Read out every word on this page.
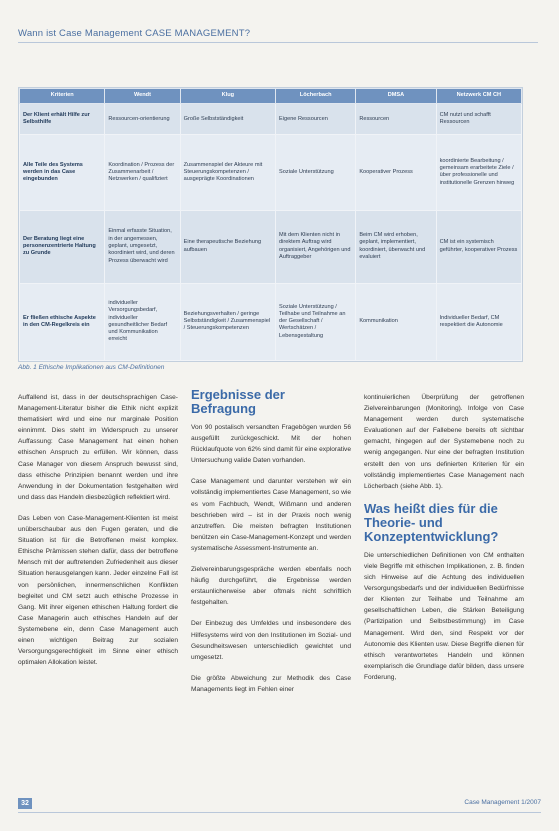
Wann ist Case Management CASE MANAGEMENT?
Kriterien	Wendt	Klug	Löcherbach	DMSA	Netzwerk CM CH
Der Klient erhält Hilfe zur Selbsthilfe	Ressourcen-orientierung	Große Selbstständigkeit	Eigene Ressourcen	Ressourcen	CM nutzt und schafft Ressourcen
Alle Teile des Systems werden in das Case eingebunden	Koordination / Prozess der Zusammenarbeit / Netzwerken / qualifiziert	Zusammenspiel der Akteure mit Steuerungskompetenzen / ausgeprägte Koordinationen	Soziale Unterstützung	Kooperativer Prozess	koordinierte Bearbeitung / gemeinsam erarbeitete Ziele / über professionelle und institutionelle Grenzen hinweg
Der Beratung liegt eine personenzentrierte Haltung zu Grunde	Einmal erfasste Situation, in der angemessen, geplant, umgesetzt, koordiniert wird, und deren Prozess überwacht wird	Eine therapeutische Beziehung aufbauen	Mit dem Klienten nicht in direktem Auftrag wird organisiert, Angehörigen und Auftraggeber	Beim CM wird erhoben, geplant, implementiert, koordiniert, überwacht und evaluiert	CM ist ein systemisch geführter, kooperativer Prozess
Er fließen ethische Aspekte in den CM-Regelkreis ein	individueller Versorgungsbedarf, individueller gesundheitlicher Bedarf und Kommunikation erreicht	Beziehungsverhalten / geringe Selbstständigkeit / Zusammenspiel / Steuerungskompetenzen	Soziale Unterstützung / Teilhabe und Teilnahme an der Gesellschaft / Wertschätzen / Lebensgestaltung	Kommunikation	Individueller Bedarf, CM respektiert die Autonomie
Abb. 1 Ethische Implikationen aus CM-Definitionen

Auffallend ist, dass in der deutschsprachigen Case-Management-Literatur bisher die Ethik nicht explizit thematisiert wird und eine nur marginale Position einnimmt. Dies steht im Widerspruch zu unserer Auffassung: Case Management hat einen hohen ethischen Anspruch zu erfüllen. Wir können, dass Case Manager von diesem Anspruch bewusst sind, dass ethische Prinzipien benannt werden und ihre Anwendung in der Dokumentation festgehalten wird und dass das Handeln diesbezüglich reflektiert wird.

Das Leben von Case-Management-Klienten ist meist unüberschaubar aus den Fugen geraten, und die Situation ist für die Betroffenen meist komplex. Ethische Prämissen stehen dafür, dass der betroffene Mensch mit der auftretenden Zufriedenheit aus dieser Situation herausgelangen kann. Jeder einzelne Fall ist von persönlichen, innermenschlichen Konflikten begleitet und CM setzt auch ethische Prozesse in Gang. Mit ihrer eigenen ethischen Haltung fordert die Case Managerin auch ethisches Handeln auf der Systemebene ein, denn Case Management auch einen wichtigen Beitrag zur sozialen Versorgungsgerechtigkeit im Sinne einer ethisch optimalen Allokation leistet.

Ergebnisse der Befragung

Von 90 postalisch versandten Fragebögen wurden 56 ausgefüllt zurückgeschickt. Mit der hohen Rücklaufquote von 62% sind damit für eine explorative Untersuchung valide Daten vorhanden.

Case Management und darunter verstehen wir ein vollständig implementiertes Case Management, so wie es vom Fachbuch, Wendt, Wißmann und anderen beschrieben wird – ist in der Praxis noch wenig anzutreffen. Die meisten befragten Institutionen benützen ein Case-Management-Konzept und werden systematische Assessment-Instrumente an.

Zielvereinbarungsgespräche werden ebenfalls noch häufig durchgeführt, die Ergebnisse werden erstaunlicherweise aber oftmals nicht schriftlich festgehalten.

Der Einbezug des Umfeldes und insbesondere des Hilfesystems wird von den Institutionen im Sozial- und Gesundheitswesen unterschiedlich gewichtet und umgesetzt.

Die größte Abweichung zur Methodik des Case Managements liegt im Fehlen einer

kontinuierlichen Überprüfung der getroffenen Zielvereinbarungen (Monitoring). Infolge von Case Management werden durch systematische Evaluationen auf der Fallebene bereits oft sichtbar gemacht, hingegen auf der Systemebene noch zu wenig angegangen. Nur eine der befragten Institution erstellt den von uns definierten Kriterien für ein vollständig implementiertes Case Management nach Löcherbach (siehe Abb. 1).

Was heißt dies für die Theorie- und Konzeptentwicklung?

Die unterschiedlichen Definitionen von CM enthalten viele Begriffe mit ethischen Implikationen, z. B. finden sich Hinweise auf die Achtung des individuellen Versorgungsbedarfs und der individuellen Bedürfnisse der Klienten zur Teilhabe und Teilnahme am gesellschaftlichen Leben, die Stärken Beteiligung (Partizipation und Selbstbestimmung) im Case Management. Wird den, sind Respekt vor der Autonomie des Klienten usw. Diese Begriffe dienen für ethisch verantwortetes Handeln und können exemplarisch die Grundlage dafür bilden, dass unsere Forderung,

32	Case Management 1/2007
